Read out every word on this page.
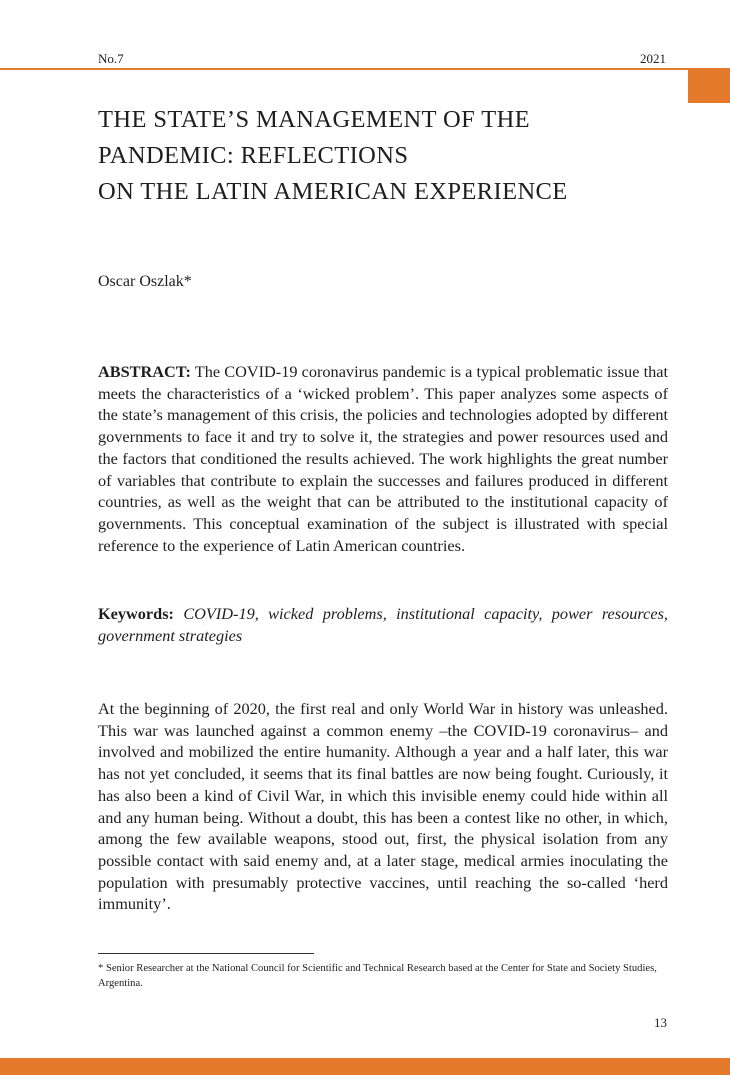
No.7	2021
THE STATE’S MANAGEMENT OF THE
PANDEMIC: REFLECTIONS
ON THE LATIN AMERICAN EXPERIENCE
Oscar Oszlak*

ABSTRACT: The COVID-19 coronavirus pandemic is a typical problematic issue that meets the characteristics of a ‘wicked problem’. This paper analyzes some aspects of the state’s management of this crisis, the policies and technologies adopted by different governments to face it and try to solve it, the strategies and power resources used and the factors that conditioned the results achieved. The work highlights the great number of variables that contribute to explain the successes and failures produced in different countries, as well as the weight that can be attributed to the institutional capacity of governments. This conceptual examination of the subject is illustrated with special reference to the experience of Latin American countries.

Keywords: COVID-19, wicked problems, institutional capacity, power resources, government strategies

At the beginning of 2020, the first real and only World War in history was unleashed. This war was launched against a common enemy –the COVID-19 coronavirus– and involved and mobilized the entire humanity. Although a year and a half later, this war has not yet concluded, it seems that its final battles are now being fought. Curiously, it has also been a kind of Civil War, in which this invisible enemy could hide within all and any human being. Without a doubt, this has been a contest like no other, in which, among the few available weapons, stood out, first, the physical isolation from any possible contact with said enemy and, at a later stage, medical armies inoculating the population with presumably protective vaccines, until reaching the so-called ‘herd immunity’.

* Senior Researcher at the National Council for Scientific and Technical Research based at the Center for State and Society Studies, Argentina.

13
